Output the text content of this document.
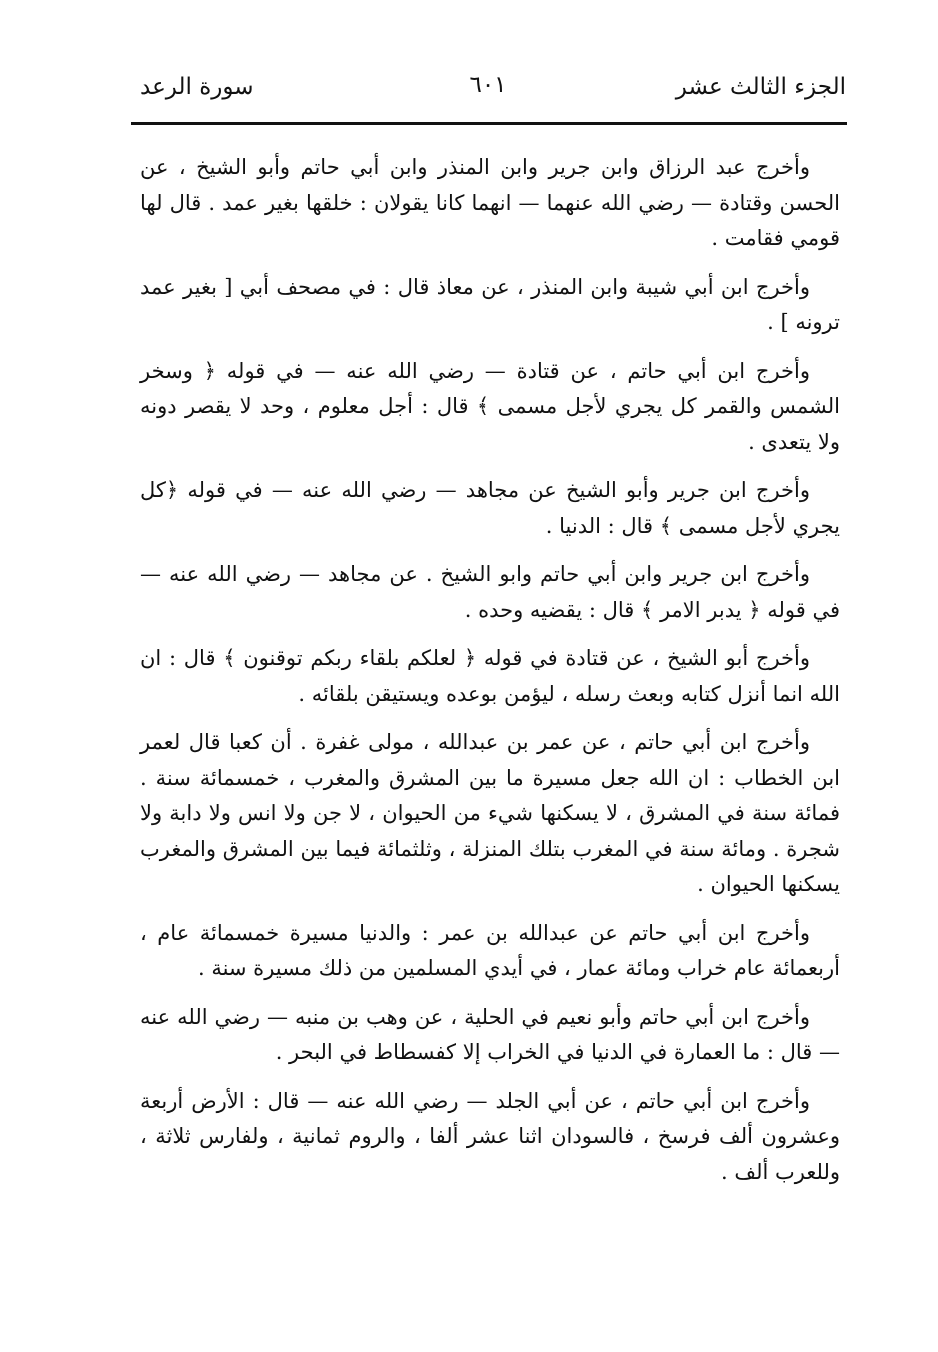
الجزء الثالث عشر
٦٠١
سورة الرعد

وأخرج عبد الرزاق وابن جرير وابن المنذر وابن أبي حاتم وأبو الشيخ ، عن الحسن وقتادة — رضي الله عنهما — انهما كانا يقولان : خلقها بغير عمد . قال لها قومي فقامت .

وأخرج ابن أبي شيبة وابن المنذر ، عن معاذ قال : في مصحف أبي [ بغير عمد ترونه ] .

وأخرج ابن أبي حاتم ، عن قتادة — رضي الله عنه — في قوله ﴿ وسخر الشمس والقمر كل يجري لأجل مسمى ﴾ قال : أجل معلوم ، وحد لا يقصر دونه ولا يتعدى .

وأخرج ابن جرير وأبو الشيخ عن مجاهد — رضي الله عنه — في قوله ﴿كل يجري لأجل مسمى ﴾ قال : الدنيا .

وأخرج ابن جرير وابن أبي حاتم وابو الشيخ . عن مجاهد — رضي الله عنه — في قوله ﴿ يدبر الامر ﴾ قال : يقضيه وحده .

وأخرج أبو الشيخ ، عن قتادة في قوله ﴿ لعلكم بلقاء ربكم توقنون ﴾ قال : ان الله انما أنزل كتابه وبعث رسله ، ليؤمن بوعده ويستيقن بلقائه .

وأخرج ابن أبي حاتم ، عن عمر بن عبدالله ، مولى غفرة . أن كعبا قال لعمر ابن الخطاب : ان الله جعل مسيرة ما بين المشرق والمغرب ، خمسمائة سنة . فمائة سنة في المشرق ، لا يسكنها شيء من الحيوان ، لا جن ولا انس ولا دابة ولا شجرة . ومائة سنة في المغرب بتلك المنزلة ، وثلثمائة فيما بين المشرق والمغرب يسكنها الحيوان .

وأخرج ابن أبي حاتم عن عبدالله بن عمر : والدنيا مسيرة خمسمائة عام ، أربعمائة عام خراب ومائة عمار ، في أيدي المسلمين من ذلك مسيرة سنة .

وأخرج ابن أبي حاتم وأبو نعيم في الحلية ، عن وهب بن منبه — رضي الله عنه — قال : ما العمارة في الدنيا في الخراب إلا كفسطاط في البحر .

وأخرج ابن أبي حاتم ، عن أبي الجلد — رضي الله عنه — قال : الأرض أربعة وعشرون ألف فرسخ ، فالسودان اثنا عشر ألفا ، والروم ثمانية ، ولفارس ثلاثة ، وللعرب ألف .
